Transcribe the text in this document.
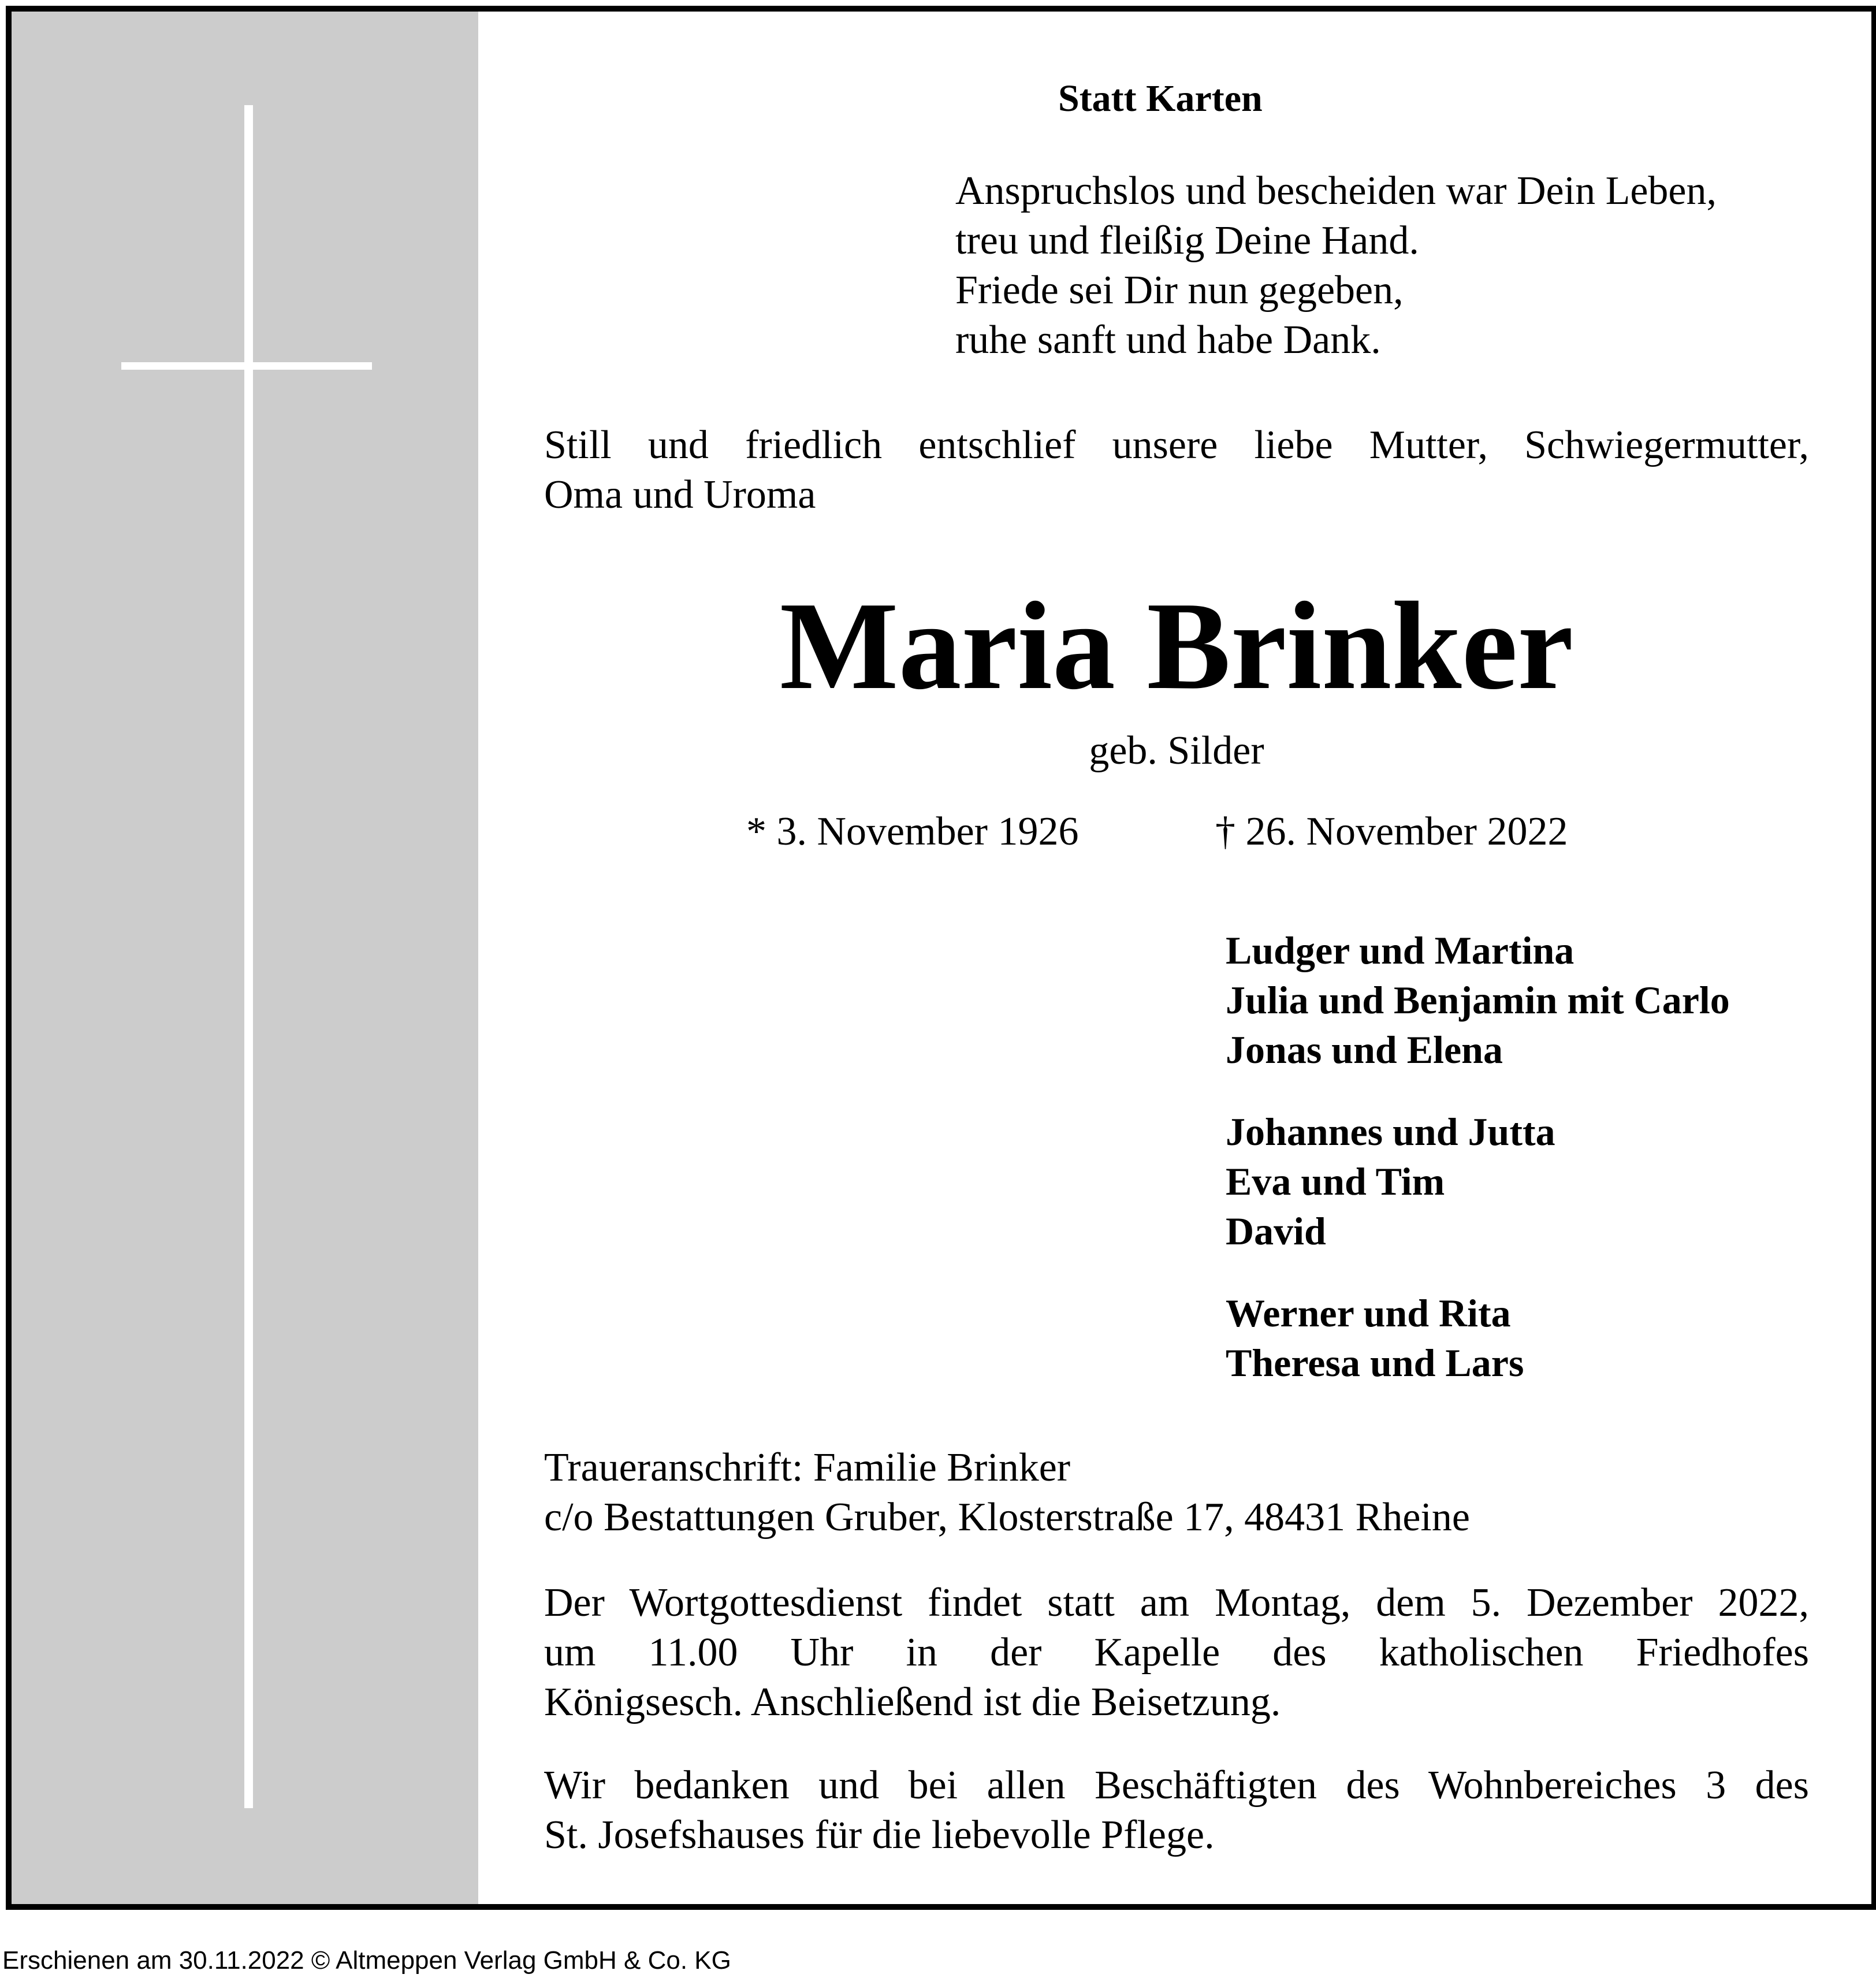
Statt Karten

Anspruchslos und bescheiden war Dein Leben,
treu und fleißig Deine Hand.
Friede sei Dir nun gegeben,
ruhe sanft und habe Dank.
Still und friedlich entschlief unsere liebe Mutter, Schwiegermutter,
Oma und Uroma
Maria Brinker
geb. Silder

* 3. November 1926	† 26. November 2022

Ludger und Martina
Julia und Benjamin mit Carlo
Jonas und Elena
Johannes und Jutta
Eva und Tim
David
Werner und Rita
Theresa und Lars
Traueranschrift: Familie Brinker
c/o Bestattungen Gruber, Klosterstraße 17, 48431 Rheine
Der Wortgottesdienst findet statt am Montag, dem 5. Dezember 2022,
um 11.00 Uhr in der Kapelle des katholischen Friedhofes
Königsesch. Anschließend ist die Beisetzung.
Wir bedanken und bei allen Beschäftigten des Wohnbereiches 3 des
St. Josefshauses für die liebevolle Pflege.
Erschienen am 30.11.2022 © Altmeppen Verlag GmbH & Co. KG
